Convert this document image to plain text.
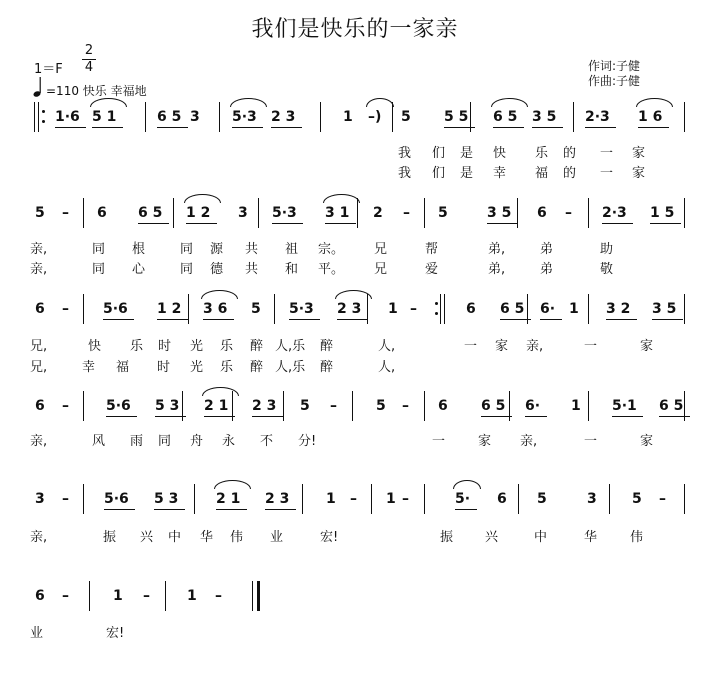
我们是快乐的一家亲
1＝F
2
4
=110 快乐 幸福地
作词:子健
作曲:子健
1·6 5 1	6 5 3 5·3 2 3	1 –) 5 5 5 6 5 3 5 2·3 1 6
我 们 是 快 乐 的 一 家
我 们 是 幸 福 的 一 家
5 – 6 6 5 1 2 3 5·3 3 1 2 – 5	3 5 6 – 2·3 1 5
亲,	同 根	同 源 共 祖 宗。 兄	帮	弟,	弟	助
亲,	同 心	同 德 共 和 平。 兄	爱	弟,	弟	敬
6 – 5·6 1 2 3 6 5 5·3 2 3 1 –	6 6 5 6· 1 3 2 3 5
兄,	快 乐 时 光 乐 醉 人,乐 醉	人,	一 家 亲,	一	家
兄,	幸 福 时 光 乐 醉 人,乐 醉	人,
6 –	5·6 5 3 2 1 2 3 5 –	5 – 6 6 5 6· 1 5·1 6 5
亲,	风 雨 同 舟 永 不 分!	一	家 亲,	一	家
3 –	5·6 5 3	2 1 2 3	1 – 1 –	5· 6 5	3	5 –
亲,	振 兴 中 华 伟 业	宏!	振 兴	中	华	伟
6 –	1 –	1 –
业	宏!
